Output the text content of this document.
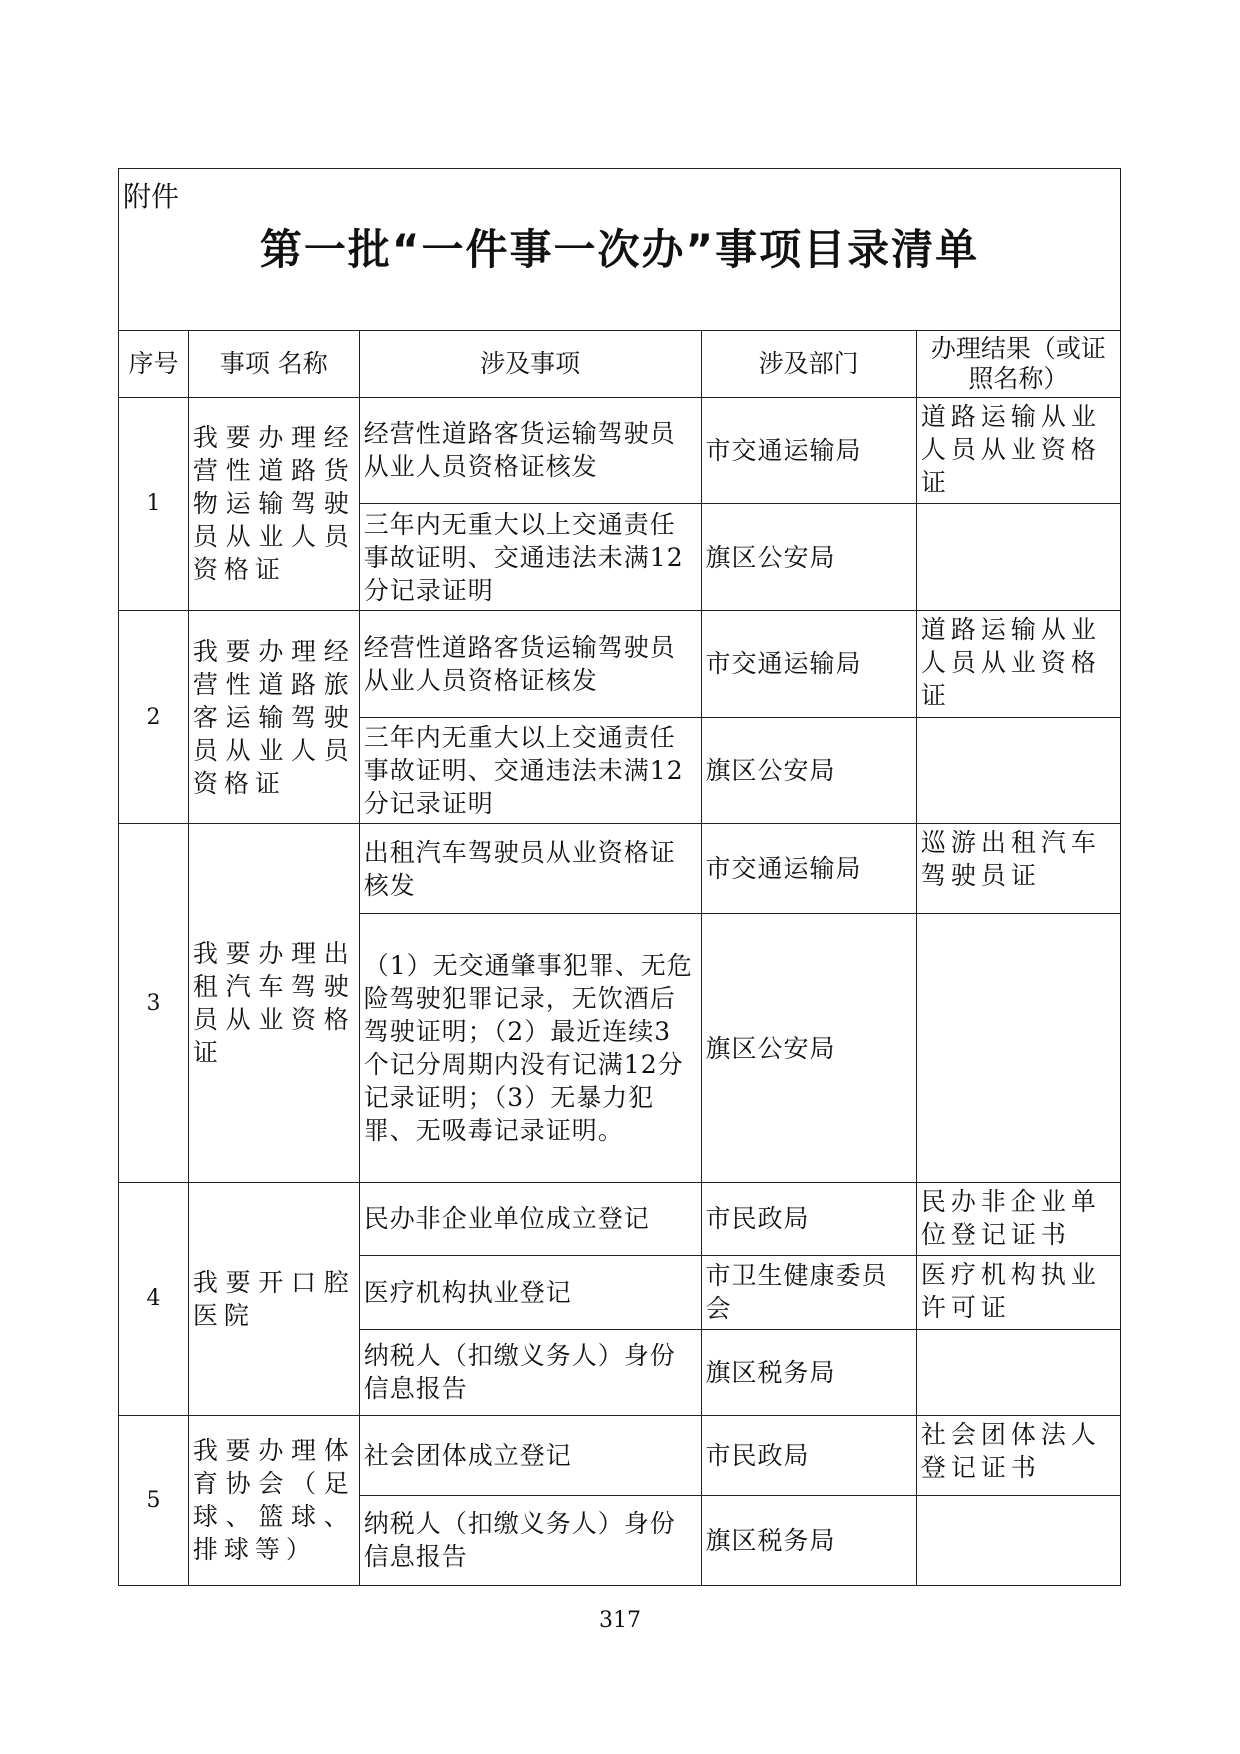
附件
第一批“一件事一次办”事项目录清单
序号	事项 名称	涉及事项	涉及部门	办理结果（或证照名称）
1	我要办理经营性道路货物运输驾驶员从业人员资格证	经营性道路客货运输驾驶员从业人员资格证核发	市交通运输局	道路运输从业人员从业资格证
		三年内无重大以上交通责任事故证明、交通违法未满12分记录证明	旗区公安局	
2	我要办理经营性道路旅客运输驾驶员从业人员资格证	经营性道路客货运输驾驶员从业人员资格证核发	市交通运输局	道路运输从业人员从业资格证
		三年内无重大以上交通责任事故证明、交通违法未满12分记录证明	旗区公安局	
3	我要办理出租汽车驾驶员从业资格证	出租汽车驾驶员从业资格证核发	市交通运输局	巡游出租汽车驾驶员证
		（1）无交通肇事犯罪、无危险驾驶犯罪记录，无饮酒后驾驶证明；（2）最近连续3个记分周期内没有记满12分记录证明；（3）无暴力犯罪、无吸毒记录证明。	旗区公安局	
4	我要开口腔医院	民办非企业单位成立登记	市民政局	民办非企业单位登记证书
		医疗机构执业登记	市卫生健康委员会	医疗机构执业许可证
		纳税人（扣缴义务人）身份信息报告	旗区税务局	
5	我要办理体育协会（足球、篮球、排球等）	社会团体成立登记	市民政局	社会团体法人登记证书
		纳税人（扣缴义务人）身份信息报告	旗区税务局	
317
